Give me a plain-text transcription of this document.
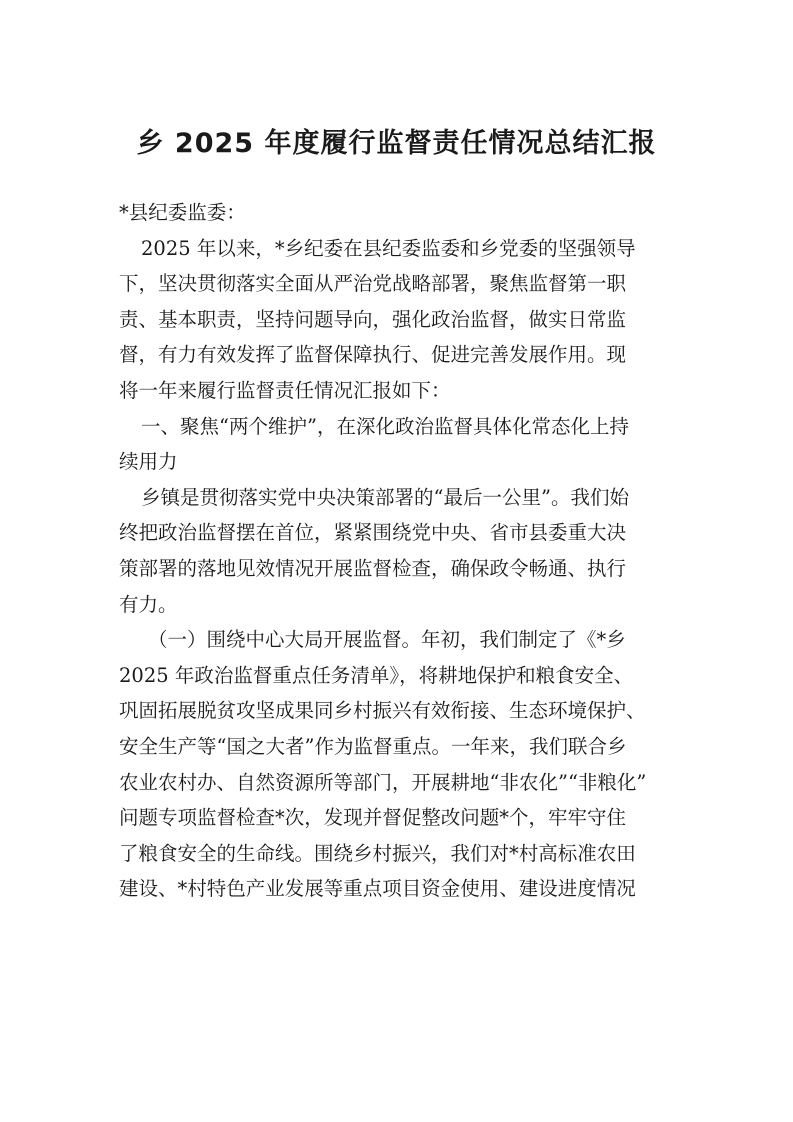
乡 2025 年度履行监督责任情况总结汇报
*县纪委监委：
2025 年以来，*乡纪委在县纪委监委和乡党委的坚强领导
下，坚决贯彻落实全面从严治党战略部署，聚焦监督第一职
责、基本职责，坚持问题导向，强化政治监督，做实日常监
督，有力有效发挥了监督保障执行、促进完善发展作用。现
将一年来履行监督责任情况汇报如下：
一、聚焦“两个维护”，在深化政治监督具体化常态化上持
续用力
乡镇是贯彻落实党中央决策部署的“最后一公里”。我们始
终把政治监督摆在首位，紧紧围绕党中央、省市县委重大决
策部署的落地见效情况开展监督检查，确保政令畅通、执行
有力。
（一）围绕中心大局开展监督。年初，我们制定了《*乡
2025 年政治监督重点任务清单》，将耕地保护和粮食安全、
巩固拓展脱贫攻坚成果同乡村振兴有效衔接、生态环境保护、
安全生产等“国之大者”作为监督重点。一年来，我们联合乡
农业农村办、自然资源所等部门，开展耕地“非农化”“非粮化”
问题专项监督检查*次，发现并督促整改问题*个，牢牢守住
了粮食安全的生命线。围绕乡村振兴，我们对*村高标准农田
建设、*村特色产业发展等重点项目资金使用、建设进度情况
